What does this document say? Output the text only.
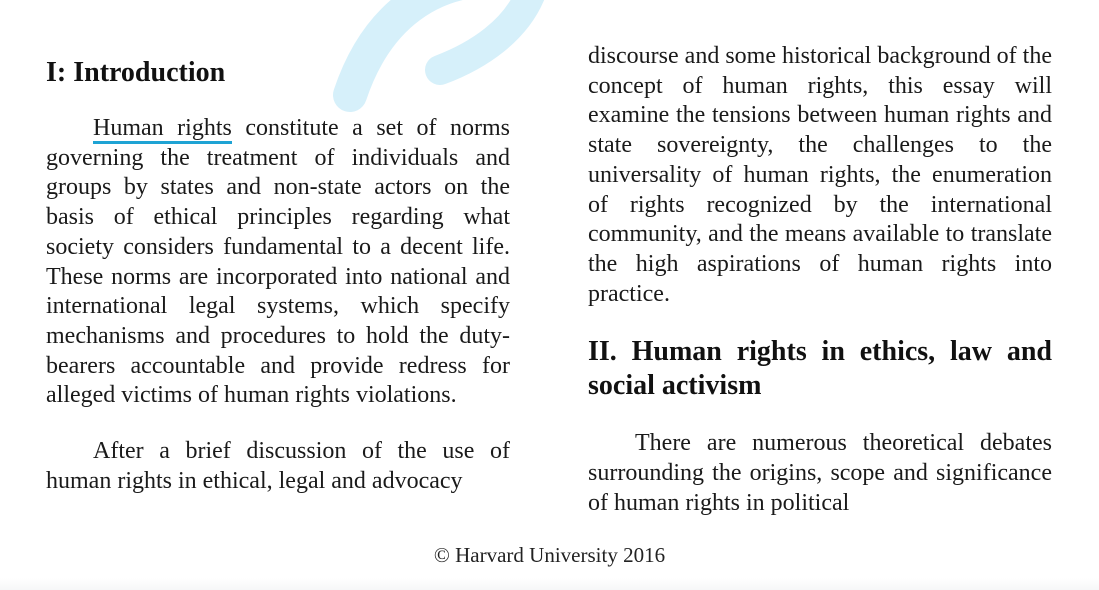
I: Introduction

Human rights constitute a set of norms governing the treatment of individuals and groups by states and non-state actors on the basis of ethical principles regarding what society considers fundamental to a decent life. These norms are incorporated into national and international legal systems, which specify mechanisms and procedures to hold the duty-bearers accountable and provide redress for alleged victims of human rights violations.

After a brief discussion of the use of human rights in ethical, legal and advocacy

discourse and some historical background of the concept of human rights, this essay will examine the tensions between human rights and state sovereignty, the challenges to the universality of human rights, the enumeration of rights recognized by the international community, and the means available to translate the high aspirations of human rights into practice.

II. Human rights in ethics, law and social activism

There are numerous theoretical debates surrounding the origins, scope and significance of human rights in political

© Harvard University 2016
